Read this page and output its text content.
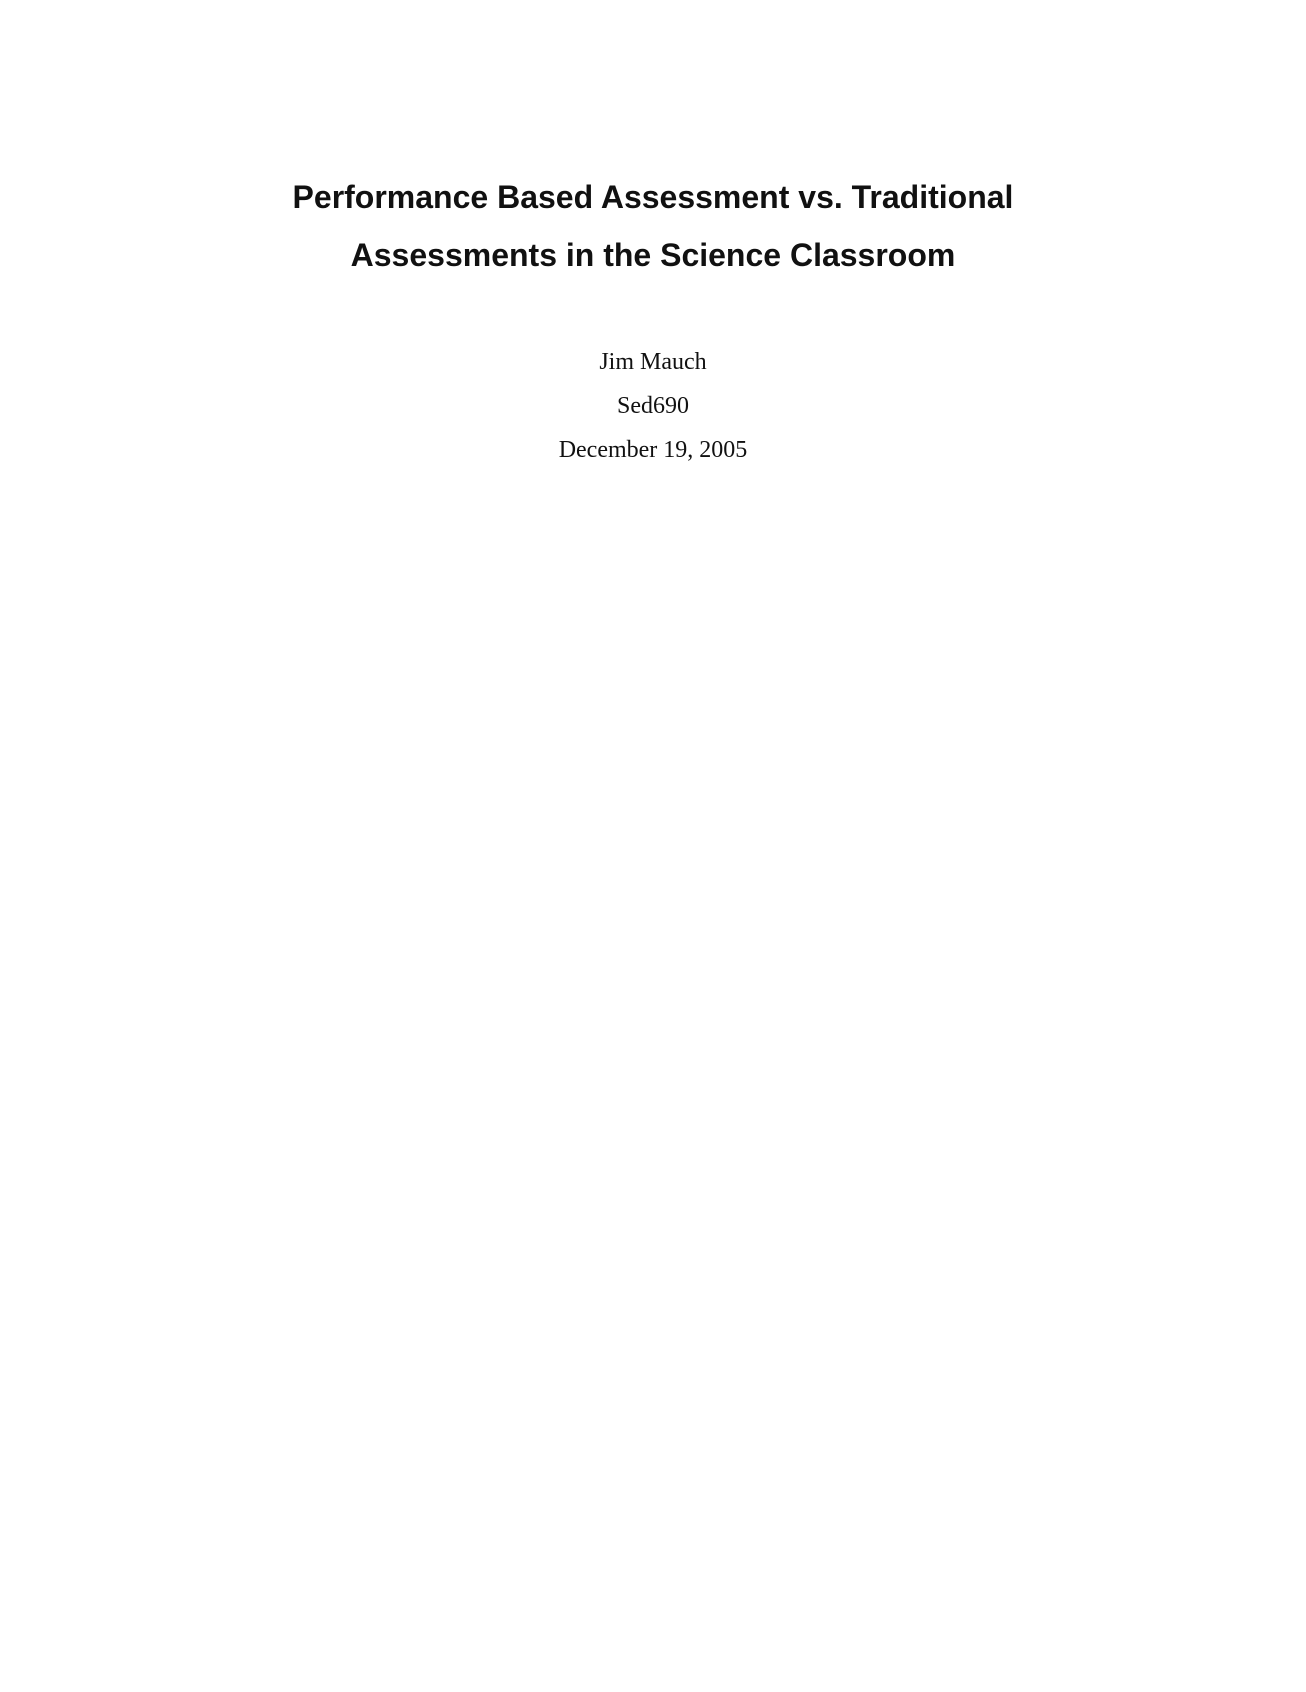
Performance Based Assessment vs. Traditional
Assessments in the Science Classroom
Jim Mauch
Sed690
December 19, 2005
